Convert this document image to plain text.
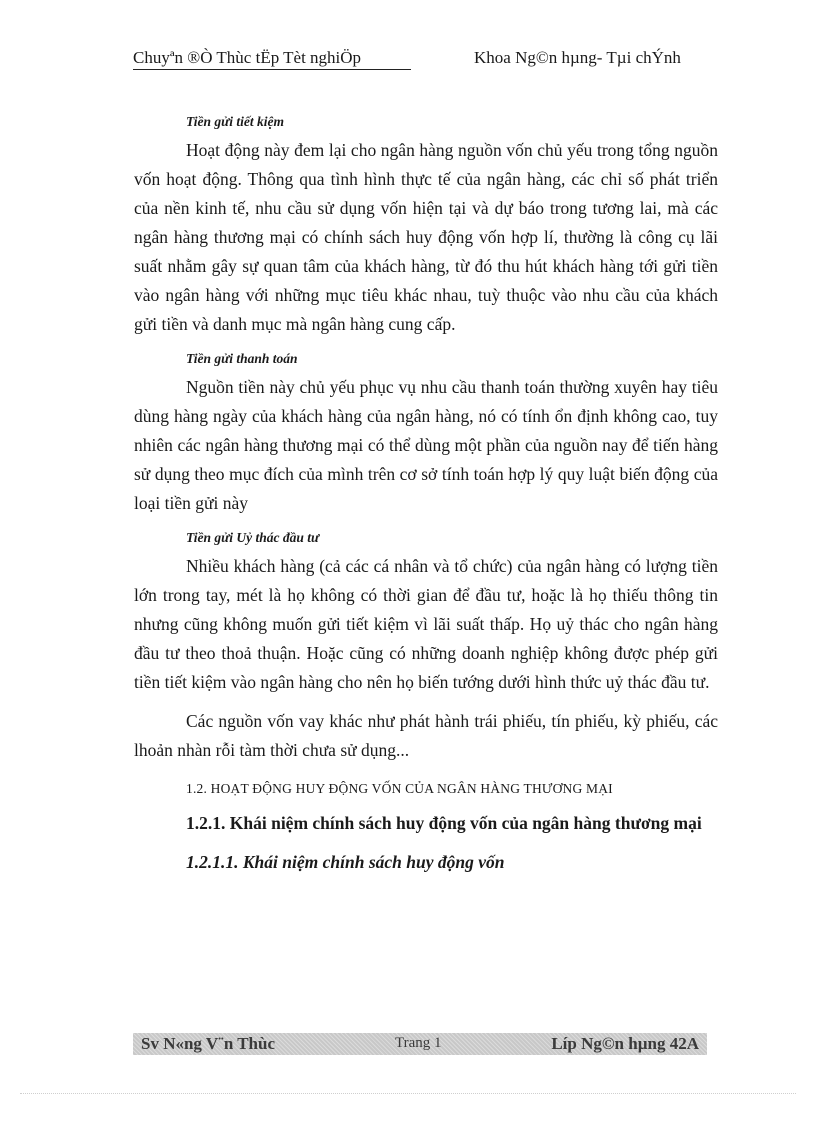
Chuyªn ®Ò Thùc tËp Tèt nghiÖp	Khoa Ng©n hµng- Tµi chÝnh
Tiền gửi tiết kiệm

Hoạt động này đem lại cho ngân hàng nguồn vốn chủ yếu trong tổng nguồn vốn hoạt động. Thông qua tình hình thực tế của ngân hàng, các chỉ số phát triển của nền kinh tế, nhu cầu sử dụng vốn hiện tại và dự báo trong tương lai, mà các ngân hàng thương mại có chính sách huy động vốn hợp lí, thường là công cụ lãi suất nhằm gây sự quan tâm của khách hàng, từ đó thu hút khách hàng tới gửi tiền vào ngân hàng với những mục tiêu khác nhau, tuỳ thuộc vào nhu cầu của khách gửi tiền và danh mục mà ngân hàng cung cấp.

Tiền gửi thanh toán

Nguồn tiền này chủ yếu phục vụ nhu cầu thanh toán thường xuyên hay tiêu dùng hàng ngày của khách hàng của ngân hàng, nó có tính ổn định không cao, tuy nhiên các ngân hàng thương mại có thể dùng một phần của nguồn nay để tiến hàng sử dụng theo mục đích của mình trên cơ sở tính toán hợp lý quy luật biến động của loại tiền gửi này

Tiền gửi Uỷ thác đầu tư

Nhiều khách hàng (cả các cá nhân và tổ chức) của ngân hàng có lượng tiền lớn trong tay, mét là họ không có thời gian để đầu tư, hoặc là họ thiếu thông tin nhưng cũng không muốn gửi tiết kiệm vì lãi suất thấp. Họ uỷ thác cho ngân hàng đầu tư theo thoả thuận. Hoặc cũng có những doanh nghiệp không được phép gửi tiền tiết kiệm vào ngân hàng cho nên họ biến tướng dưới hình thức uỷ thác đầu tư.

Các nguồn vốn vay khác như phát hành trái phiếu, tín phiếu, kỳ phiếu, các lhoản nhàn rỗi tàm thời chưa sử dụng...

1.2. HOẠT ĐỘNG HUY ĐỘNG VỐN CỦA NGÂN HÀNG THƯƠNG MẠI

1.2.1. Khái niệm chính sách huy động vốn của ngân hàng thương mại

1.2.1.1. Khái niệm chính sách huy động vốn
Sv N«ng V¨n Thùc	Trang 1	Líp Ng©n hµng 42A
